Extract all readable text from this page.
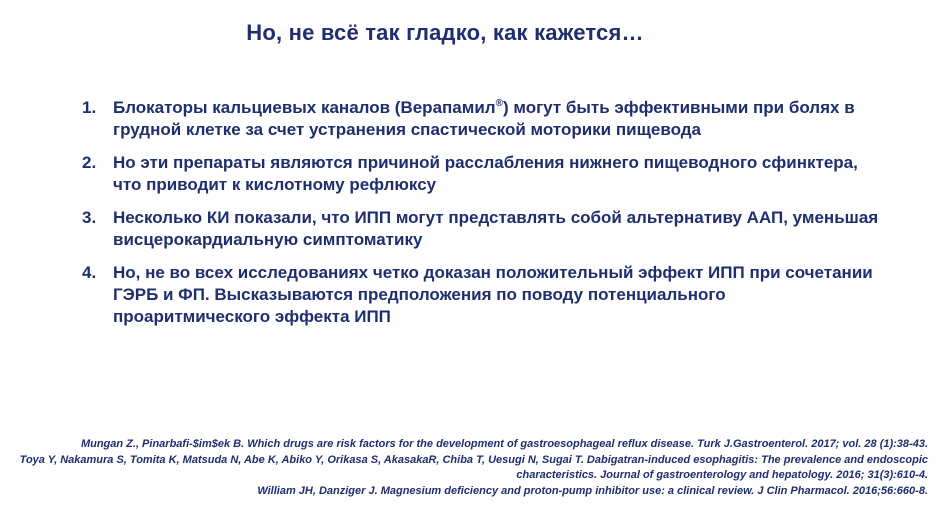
Но, не всё так гладко, как кажется…
1. Блокаторы кальциевых каналов (Верапамил®) могут быть эффективными при болях в грудной клетке за счет устранения спастической моторики пищевода
2. Но эти препараты являются причиной расслабления нижнего пищеводного сфинктера, что приводит к кислотному рефлюксу
3. Несколько КИ показали, что ИПП могут представлять собой альтернативу ААП, уменьшая висцерокардиальную симптоматику
4. Но, не во всех исследованиях четко доказан положительный эффект ИПП при сочетании ГЭРБ и ФП. Высказываются предположения по поводу потенциального проаритмического эффекта ИПП
Mungan Z., Pinarbafi-$im$ek B. Which drugs are risk factors for the development of gastroesophageal reflux disease. Turk J.Gastroenterol. 2017; vol. 28 (1):38-43.
Toya Y, Nakamura S, Tomita K, Matsuda N, Abe K, Abiko Y, Orikasa S, AkasakaR, Chiba T, Uesugi N, Sugai T. Dabigatran-induced esophagitis: The prevalence and endoscopic characteristics. Journal of gastroenterology and hepatology. 2016; 31(3):610-4.
William JH, Danziger J. Magnesium deficiency and proton-pump inhibitor use: a clinical review. J Clin Pharmacol. 2016;56:660-8.
